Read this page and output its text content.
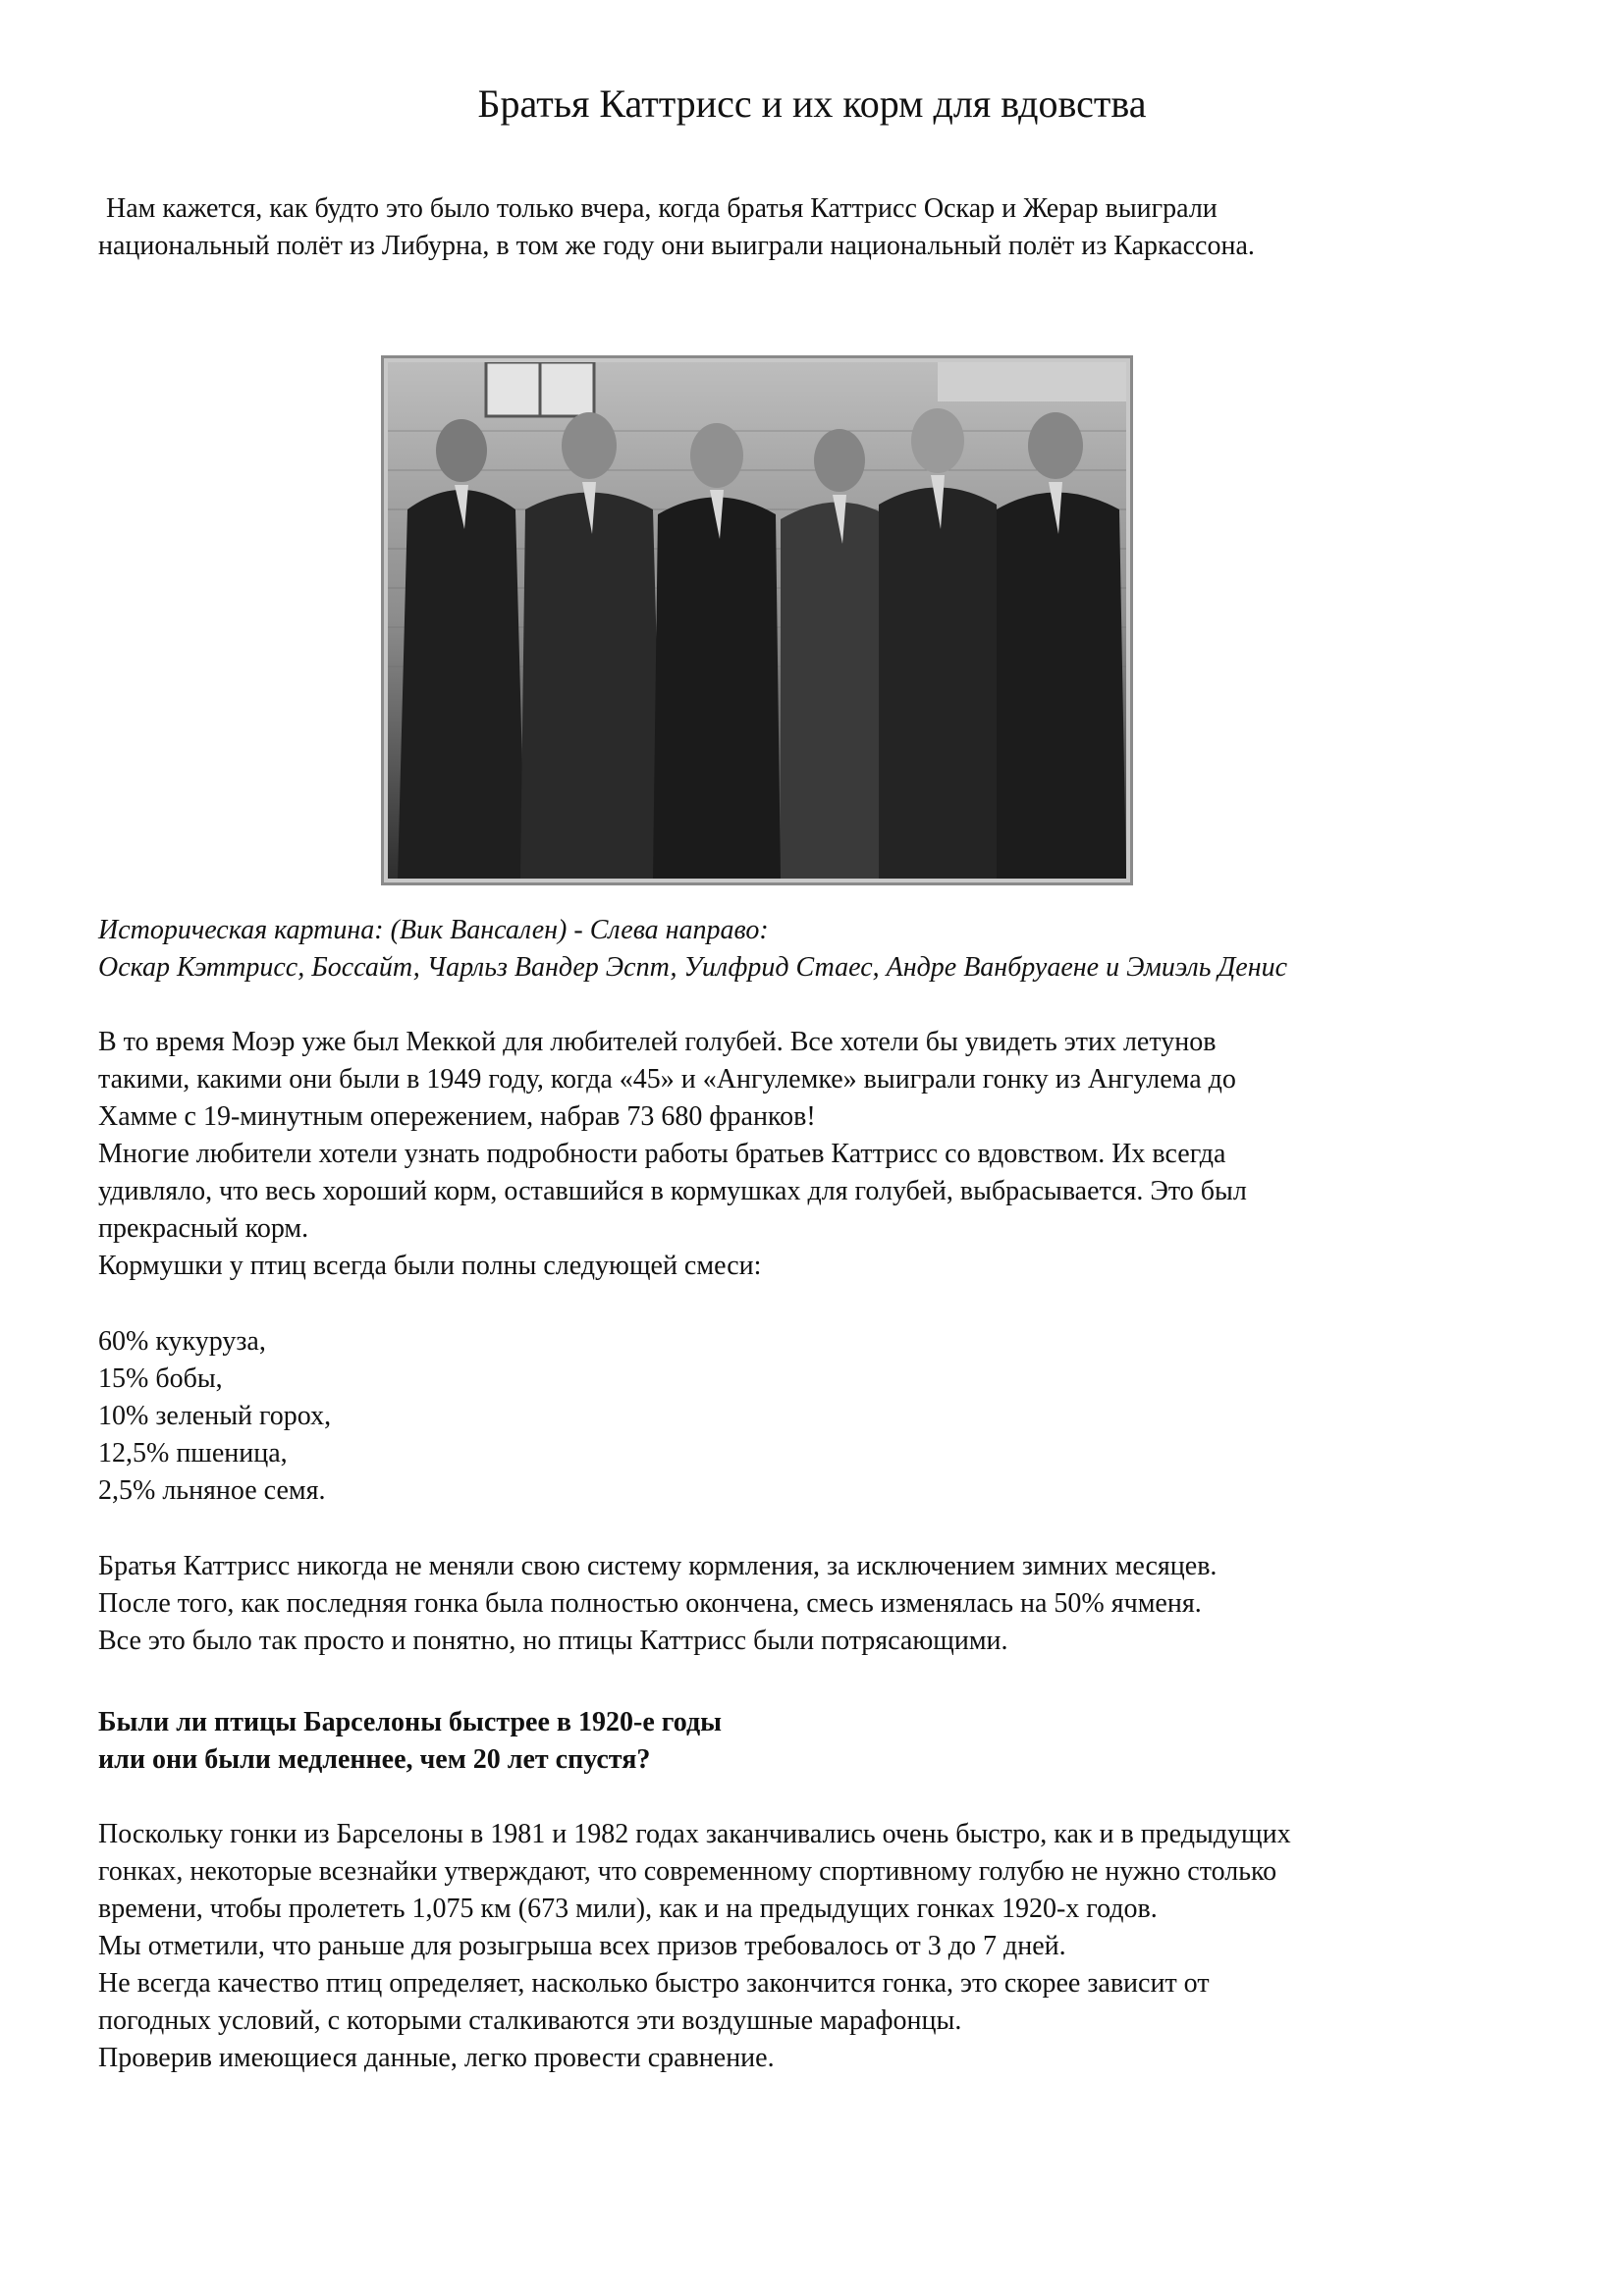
Братья Каттрисс и их корм для вдовства

Нам кажется, как будто это было только вчера, когда братья Каттрисс Оскар и Жерар выиграли

национальный полёт из Либурна, в том же году они выиграли национальный полёт из Каркассона.

Историческая картина: (Вик Вансален) - Слева направо:

Оскар Кэттрисс, Боссайт, Чарльз Вандер Эспт, Уилфрид Стаес, Андре Ванбруаене и Эмиэль Денис

В то время Моэр уже был Меккой для любителей голубей. Все хотели бы увидеть этих летунов

такими, какими они были в 1949 году, когда «45» и «Ангулемке» выиграли гонку из Ангулема до

Хамме с 19-минутным опережением, набрав 73 680 франков!

Многие любители хотели узнать подробности работы братьев Каттрисс со вдовством. Их всегда

удивляло, что весь хороший корм, оставшийся в кормушках для голубей, выбрасывается. Это был

прекрасный корм.

Кормушки у птиц всегда были полны следующей смеси:

60% кукуруза,

15% бобы,

10% зеленый горох,

12,5% пшеница,

2,5% льняное семя.

Братья Каттрисс никогда не меняли свою систему кормления, за исключением зимних месяцев.

После того, как последняя гонка была полностью окончена, смесь изменялась на 50% ячменя.

Все это было так просто и понятно, но птицы Каттрисс были потрясающими.

Были ли птицы Барселоны быстрее в 1920-е годы

или они были медленнее, чем 20 лет спустя?

Поскольку гонки из Барселоны в 1981 и 1982 годах заканчивались очень быстро, как и в предыдущих

гонках, некоторые всезнайки утверждают, что современному спортивному голубю не нужно столько

времени, чтобы пролететь 1,075 км (673 мили), как и на предыдущих гонках 1920-х годов.

Мы отметили, что раньше для розыгрыша всех призов требовалось от 3 до 7 дней.

Не всегда качество птиц определяет, насколько быстро закончится гонка, это скорее зависит от

погодных условий, с которыми сталкиваются эти воздушные марафонцы.

Проверив имеющиеся данные, легко провести сравнение.
